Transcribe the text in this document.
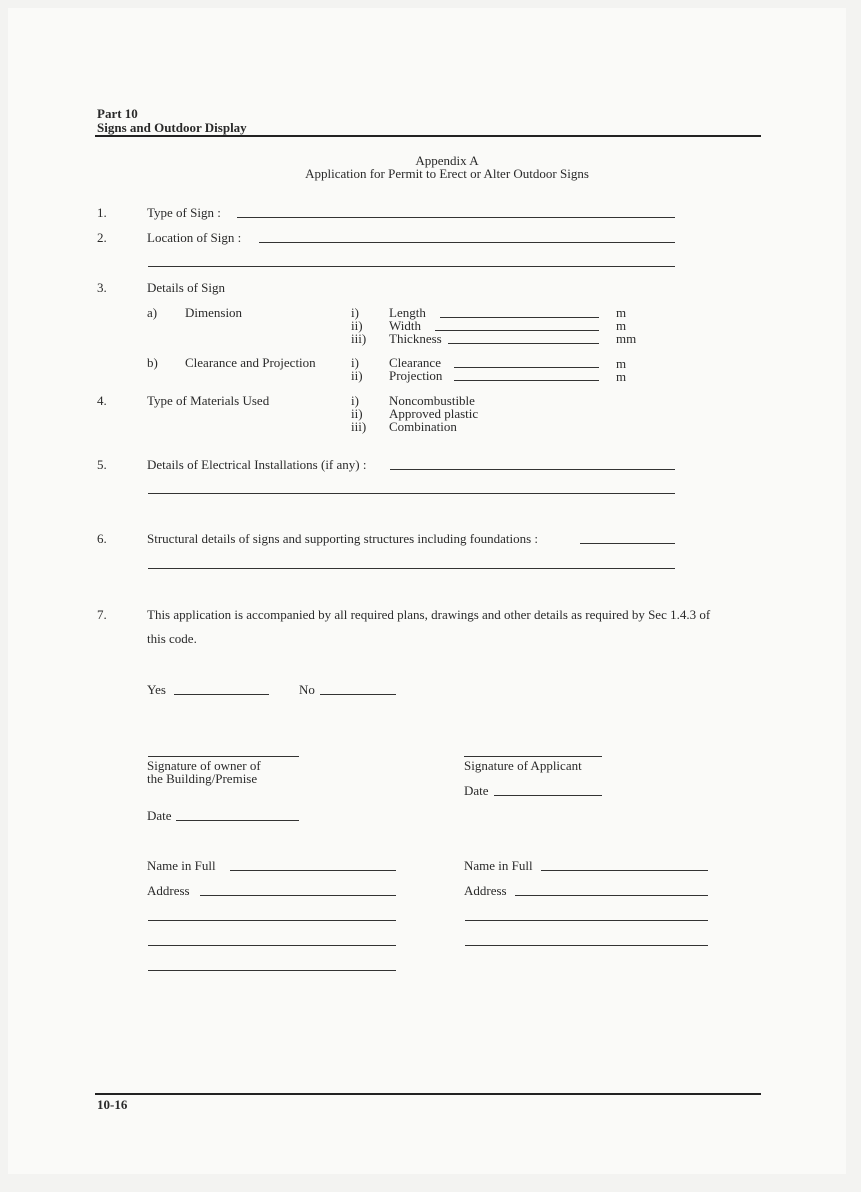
Part 10
Signs and Outdoor Display
Appendix A
Application for Permit to Erect or Alter Outdoor Signs
1.	Type of Sign :
2.	Location of Sign :
3.	Details of Sign
a) Dimension	i) Length	m
ii) Width	m
iii) Thickness	mm
b) Clearance and Projection	i) Clearance	m
ii) Projection	m
4.	Type of Materials Used	i) Noncombustible
ii) Approved plastic
iii) Combination
5.	Details of Electrical Installations (if any) :
6.	Structural details of signs and supporting structures including foundations :
7.	This application is accompanied by all required plans, drawings and other details as required by Sec 1.4.3 of
this code.
Yes	No
Signature of owner of
the Building/Premise
Signature of Applicant
Date
Date
Name in Full	Name in Full
Address	Address
10-16
